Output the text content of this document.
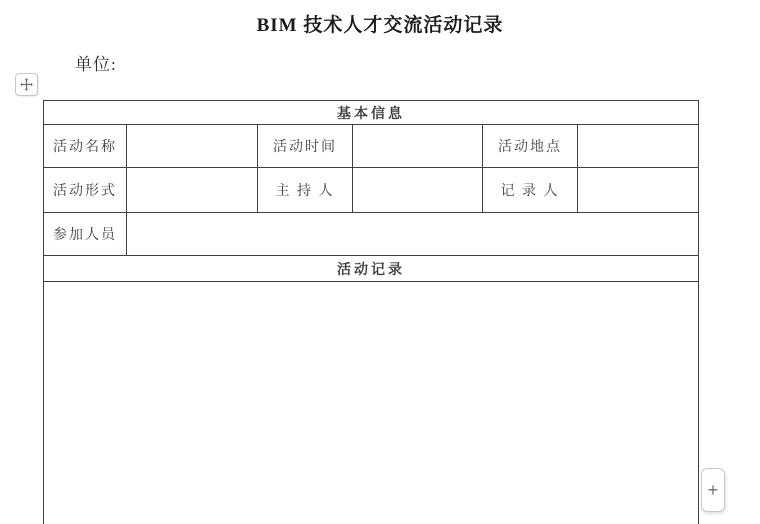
BIM 技术人才交流活动记录
单位:
基本信息					
活动名称		活动时间		活动地点	
活动形式		主 持 人		记 录 人	
参加人员					
活动记录					

+
